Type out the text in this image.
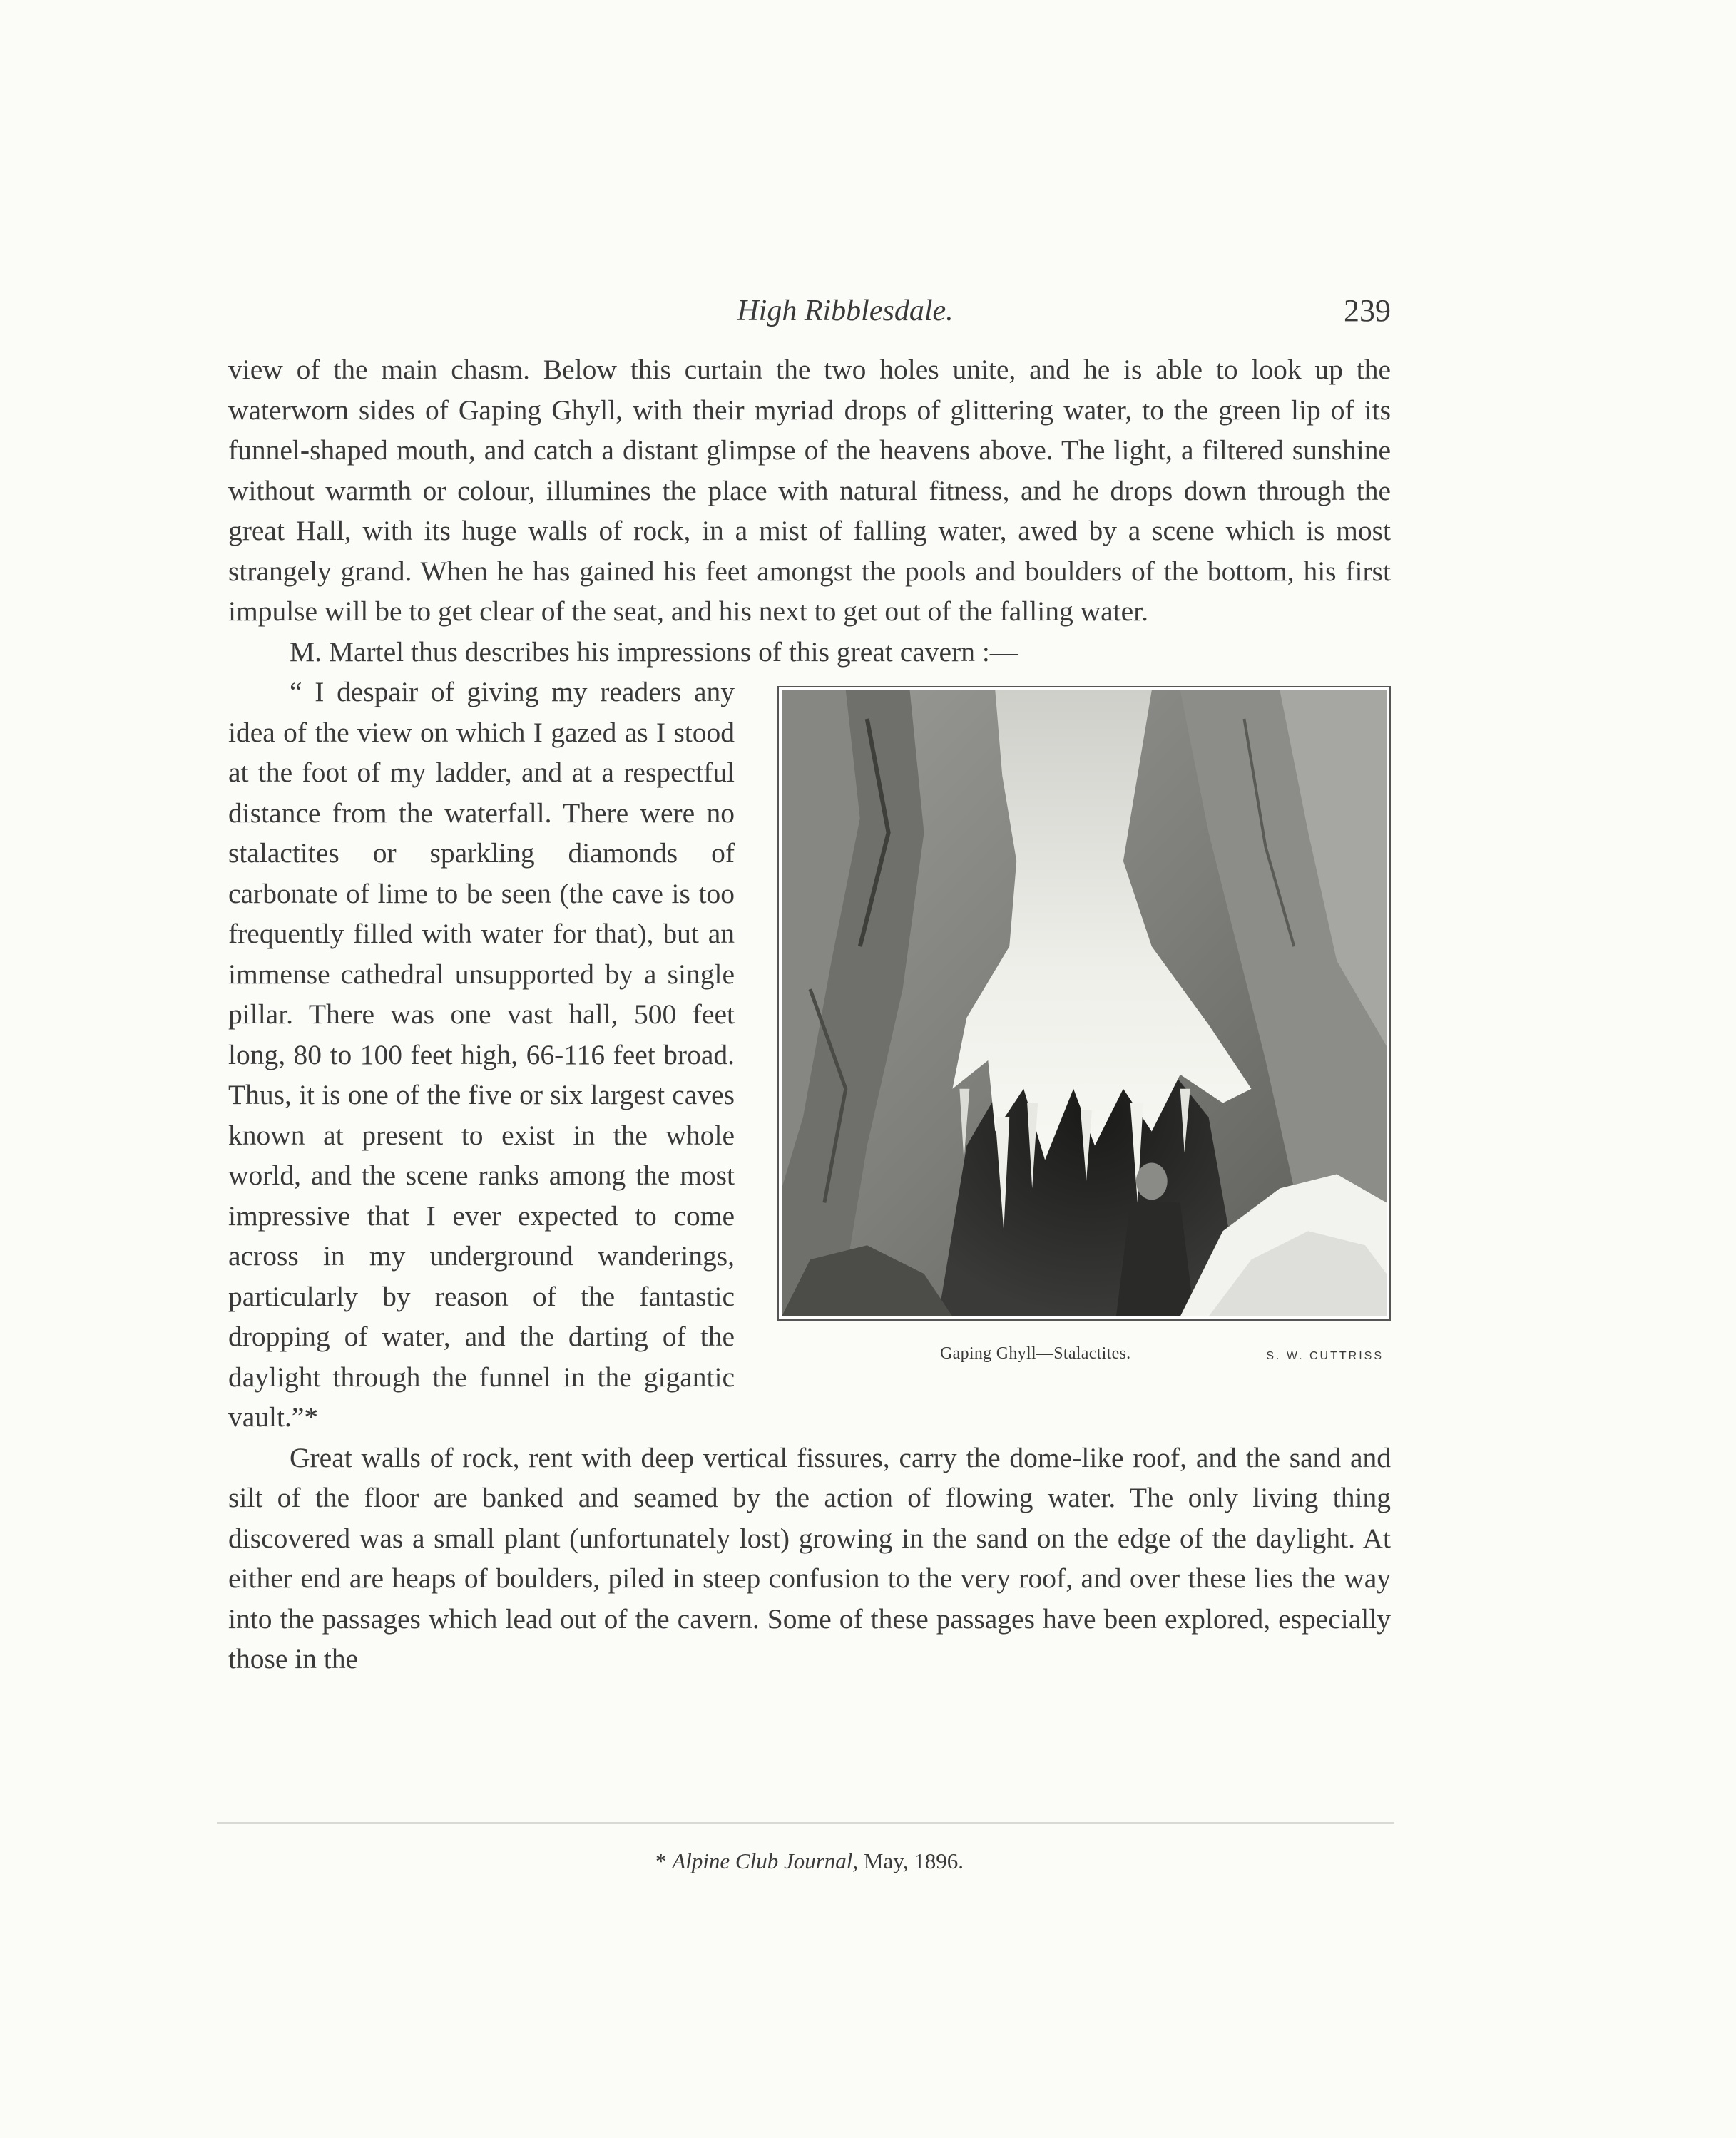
High Ribblesdale.	239

view of the main chasm. Below this curtain the two holes unite, and he is able to look up the waterworn sides of Gaping Ghyll, with their myriad drops of glittering water, to the green lip of its funnel-shaped mouth, and catch a distant glimpse of the heavens above. The light, a filtered sunshine without warmth or colour, illumines the place with natural fitness, and he drops down through the great Hall, with its huge walls of rock, in a mist of falling water, awed by a scene which is most strangely grand. When he has gained his feet amongst the pools and boulders of the bottom, his first impulse will be to get clear of the seat, and his next to get out of the falling water.

M. Martel thus describes his impressions of this great cavern :—

Gaping Ghyll—Stalactites.	S. W. CUTTRISS

“ I despair of giving my readers any idea of the view on which I gazed as I stood at the foot of my ladder, and at a respectful distance from the waterfall. There were no stalactites or sparkling diamonds of carbonate of lime to be seen (the cave is too frequently filled with water for that), but an immense cathedral unsupported by a single pillar. There was one vast hall, 500 feet long, 80 to 100 feet high, 66-116 feet broad. Thus, it is one of the five or six largest caves known at present to exist in the whole world, and the scene ranks among the most impressive that I ever expected to come across in my underground wanderings, particularly by reason of the fantastic dropping of water, and the darting of the daylight through the funnel in the gigantic vault.”*

Great walls of rock, rent with deep vertical fissures, carry the dome-like roof, and the sand and silt of the floor are banked and seamed by the action of flowing water. The only living thing discovered was a small plant (unfortunately lost) growing in the sand on the edge of the daylight. At either end are heaps of boulders, piled in steep confusion to the very roof, and over these lies the way into the passages which lead out of the cavern. Some of these passages have been explored, especially those in the

* Alpine Club Journal, May, 1896.
